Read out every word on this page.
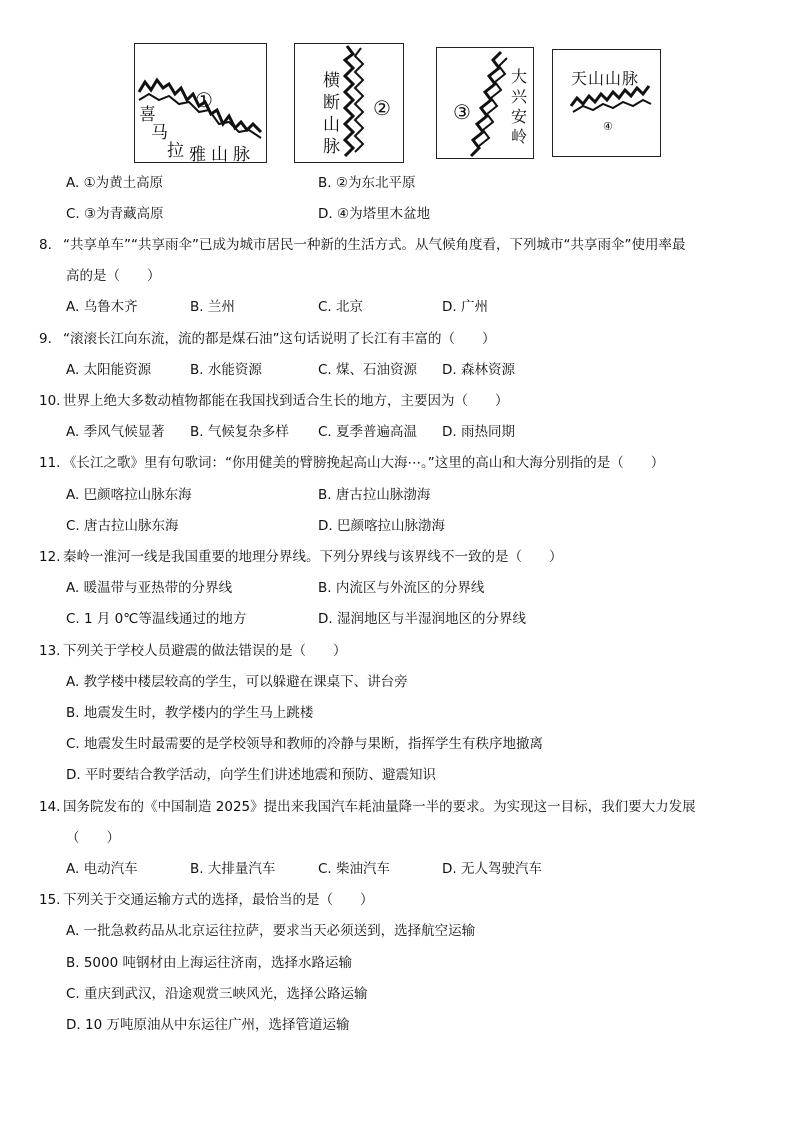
①
喜
马
拉 雅 山 脉
横
断
山
脉
②	③
大
兴
安
岭
天山山脉
④
A. ①为黄土高原	B. ②为东北平原
C. ③为青藏高原	D. ④为塔里木盆地
8. “共享单车”“共享雨伞”已成为城市居民一种新的生活方式。从气候角度看，下列城市“共享雨伞”使用率最
高的是（　　）
A. 乌鲁木齐	B. 兰州	C. 北京	D. 广州
9. “滚滚长江向东流，流的都是煤石油”这句话说明了长江有丰富的（　　）
A. 太阳能资源	B. 水能资源	C. 煤、石油资源 D. 森林资源
10. 世界上绝大多数动植物都能在我国找到适合生长的地方，主要因为（　　）
A. 季风气候显著 B. 气候复杂多样 C. 夏季普遍高温 D. 雨热同期
11. 《长江之歌》里有句歌词：“你用健美的臂膀挽起高山大海⋯。”这里的高山和大海分别指的是（　　）
A. 巴颜喀拉山脉东海	B. 唐古拉山脉渤海
C. 唐古拉山脉东海	D. 巴颜喀拉山脉渤海
12. 秦岭一淮河一线是我国重要的地理分界线。下列分界线与该界线不一致的是（　　）
A. 暖温带与亚热带的分界线	B. 内流区与外流区的分界线
C. 1 月 0℃等温线通过的地方	D. 湿润地区与半湿润地区的分界线
13. 下列关于学校人员避震的做法错误的是（　　）
A. 教学楼中楼层较高的学生，可以躲避在课桌下、讲台旁
B. 地震发生时，教学楼内的学生马上跳楼
C. 地震发生时最需要的是学校领导和教师的冷静与果断，指挥学生有秩序地撤离
D. 平时要结合教学活动，向学生们讲述地震和预防、避震知识
14. 国务院发布的《中国制造 2025》提出来我国汽车耗油量降一半的要求。为实现这一目标，我们要大力发展
（　　）
A. 电动汽车	B. 大排量汽车	C. 柴油汽车	D. 无人驾驶汽车
15. 下列关于交通运输方式的选择，最恰当的是（　　）
A. 一批急救药品从北京运往拉萨，要求当天必须送到，选择航空运输
B. 5000 吨钢材由上海运往济南，选择水路运输
C. 重庆到武汉，沿途观赏三峡风光，选择公路运输
D. 10 万吨原油从中东运往广州，选择管道运输
